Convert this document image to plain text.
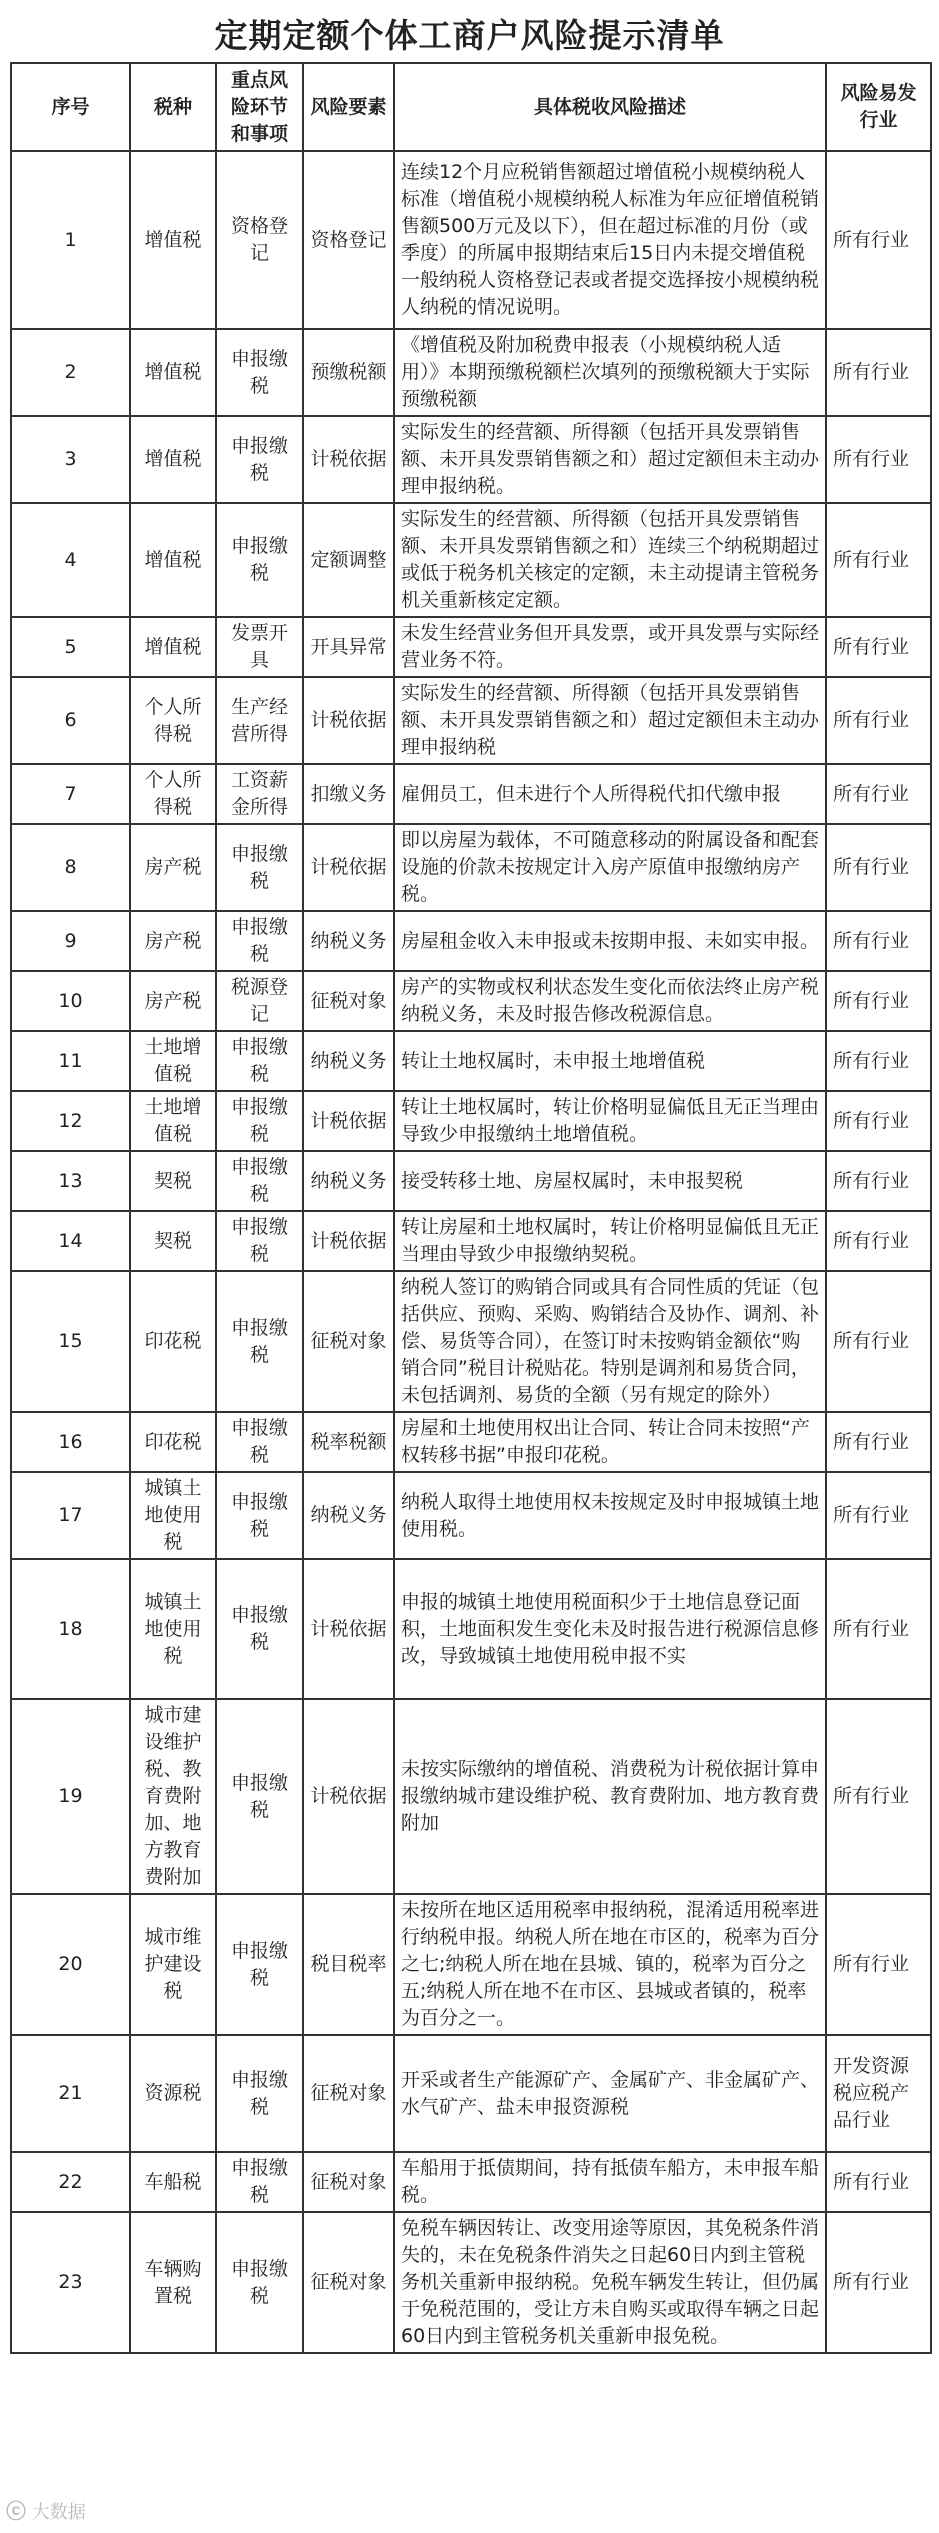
定期定额个体工商户风险提示清单
序号	税种	重点风险环节和事项	风险要素	具体税收风险描述	风险易发行业
1	增值税	资格登记	资格登记	连续12个月应税销售额超过增值税小规模纳税人标准（增值税小规模纳税人标准为年应征增值税销售额500万元及以下），但在超过标准的月份（或季度）的所属申报期结束后15日内未提交增值税一般纳税人资格登记表或者提交选择按小规模纳税人纳税的情况说明。	所有行业
2	增值税	申报缴税	预缴税额	《增值税及附加税费申报表（小规模纳税人适用）》本期预缴税额栏次填列的预缴税额大于实际预缴税额	所有行业
3	增值税	申报缴税	计税依据	实际发生的经营额、所得额（包括开具发票销售额、未开具发票销售额之和）超过定额但未主动办理申报纳税。	所有行业
4	增值税	申报缴税	定额调整	实际发生的经营额、所得额（包括开具发票销售额、未开具发票销售额之和）连续三个纳税期超过或低于税务机关核定的定额，未主动提请主管税务机关重新核定定额。	所有行业
5	增值税	发票开具	开具异常	未发生经营业务但开具发票，或开具发票与实际经营业务不符。	所有行业
6	个人所得税	生产经营所得	计税依据	实际发生的经营额、所得额（包括开具发票销售额、未开具发票销售额之和）超过定额但未主动办理申报纳税	所有行业
7	个人所得税	工资薪金所得	扣缴义务	雇佣员工，但未进行个人所得税代扣代缴申报	所有行业
8	房产税	申报缴税	计税依据	即以房屋为载体，不可随意移动的附属设备和配套设施的价款未按规定计入房产原值申报缴纳房产税。	所有行业
9	房产税	申报缴税	纳税义务	房屋租金收入未申报或未按期申报、未如实申报。	所有行业
10	房产税	税源登记	征税对象	房产的实物或权利状态发生变化而依法终止房产税纳税义务，未及时报告修改税源信息。	所有行业
11	土地增值税	申报缴税	纳税义务	转让土地权属时，未申报土地增值税	所有行业
12	土地增值税	申报缴税	计税依据	转让土地权属时，转让价格明显偏低且无正当理由导致少申报缴纳土地增值税。	所有行业
13	契税	申报缴税	纳税义务	接受转移土地、房屋权属时，未申报契税	所有行业
14	契税	申报缴税	计税依据	转让房屋和土地权属时，转让价格明显偏低且无正当理由导致少申报缴纳契税。	所有行业
15	印花税	申报缴税	征税对象	纳税人签订的购销合同或具有合同性质的凭证（包括供应、预购、采购、购销结合及协作、调剂、补偿、易货等合同），在签订时未按购销金额依“购销合同”税目计税贴花。特别是调剂和易货合同，未包括调剂、易货的全额（另有规定的除外）	所有行业
16	印花税	申报缴税	税率税额	房屋和土地使用权出让合同、转让合同未按照“产权转移书据”申报印花税。	所有行业
17	城镇土地使用税	申报缴税	纳税义务	纳税人取得土地使用权未按规定及时申报城镇土地使用税。	所有行业
18	城镇土地使用税	申报缴税	计税依据	申报的城镇土地使用税面积少于土地信息登记面积，土地面积发生变化未及时报告进行税源信息修改，导致城镇土地使用税申报不实	所有行业
19	城市建设维护税、教育费附加、地方教育费附加	申报缴税	计税依据	未按实际缴纳的增值税、消费税为计税依据计算申报缴纳城市建设维护税、教育费附加、地方教育费附加	所有行业
20	城市维护建设税	申报缴税	税目税率	未按所在地区适用税率申报纳税，混淆适用税率进行纳税申报。纳税人所在地在市区的，税率为百分之七;纳税人所在地在县城、镇的，税率为百分之五;纳税人所在地不在市区、县城或者镇的，税率为百分之一。	所有行业
21	资源税	申报缴税	征税对象	开采或者生产能源矿产、金属矿产、非金属矿产、水气矿产、盐未申报资源税	开发资源税应税产品行业
22	车船税	申报缴税	征税对象	车船用于抵债期间，持有抵债车船方，未申报车船税。	所有行业
23	车辆购置税	申报缴税	征税对象	免税车辆因转让、改变用途等原因，其免税条件消失的，未在免税条件消失之日起60日内到主管税务机关重新申报纳税。免税车辆发生转让，但仍属于免税范围的，受让方未自购买或取得车辆之日起60日内到主管税务机关重新申报免税。	所有行业
ⓒ 大数据
